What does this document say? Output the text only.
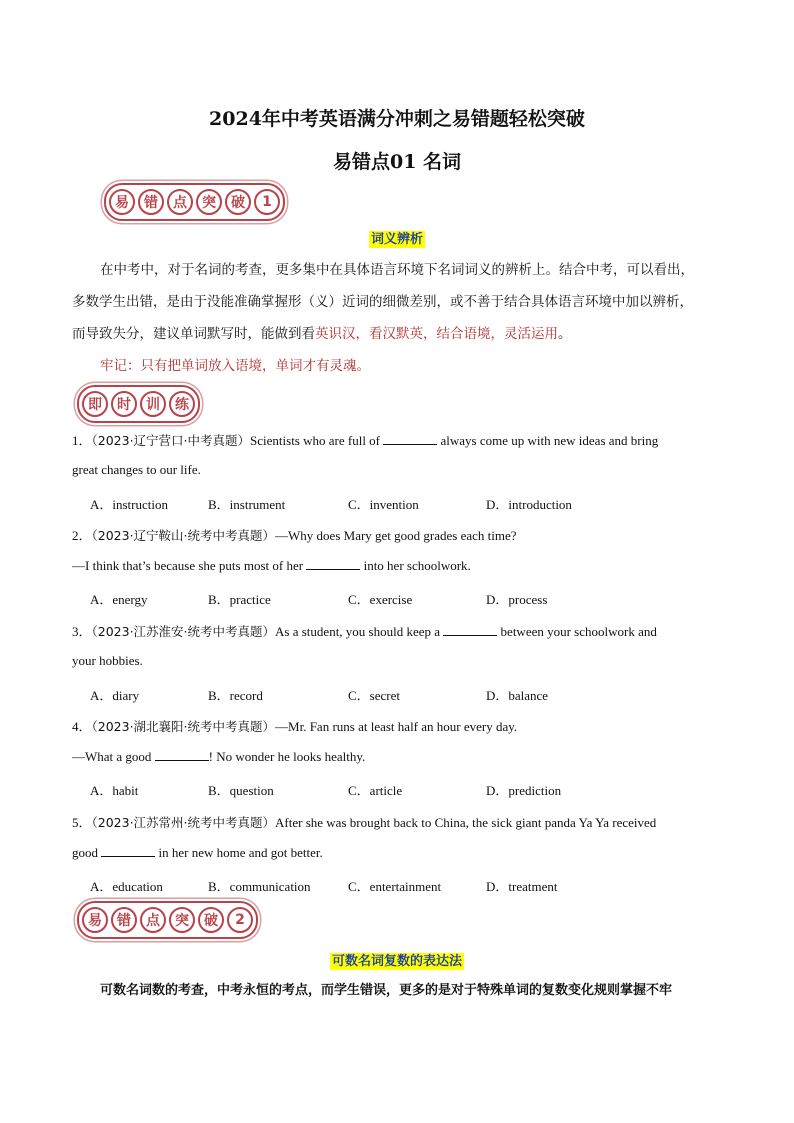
2024年中考英语满分冲刺之易错题轻松突破
易错点01 名词
易	错	点	突	破	1
词义辨析
在中考中，对于名词的考查，更多集中在具体语言环境下名词词义的辨析上。结合中考，可以看出，
多数学生出错，是由于没能准确掌握形（义）近词的细微差别，或不善于结合具体语言环境中加以辨析，
而导致失分，建议单词默写时，能做到看英识汉，看汉默英，结合语境，灵活运用。
牢记：只有把单词放入语境，单词才有灵魂。
即	时	训	练
1．（2023·辽宁营口·中考真题）Scientists who are full of	always come up with new ideas and bring
great changes to our life.
A．instruction	B．instrument	C．invention	D．introduction
2．（2023·辽宁鞍山·统考中考真题）—Why does Mary get good grades each time?
—I think that’s because she puts most of her	into her schoolwork.
A．energy	B．practice	C．exercise	D．process
3．（2023·江苏淮安·统考中考真题）As a student, you should keep a	between your schoolwork and
your hobbies.
A．diary	B．record	C．secret	D．balance
4．（2023·湖北襄阳·统考中考真题）—Mr. Fan runs at least half an hour every day.
—What a good	! No wonder he looks healthy.
A．habit	B．question	C．article	D．prediction
5．（2023·江苏常州·统考中考真题）After she was brought back to China, the sick giant panda Ya Ya received
good	in her new home and got better.
A．education	B．communication	C．entertainment	D．treatment
易	错	点	突	破	2
可数名词复数的表达法
可数名词数的考查，中考永恒的考点，而学生错误，更多的是对于特殊单词的复数变化规则掌握不牢
